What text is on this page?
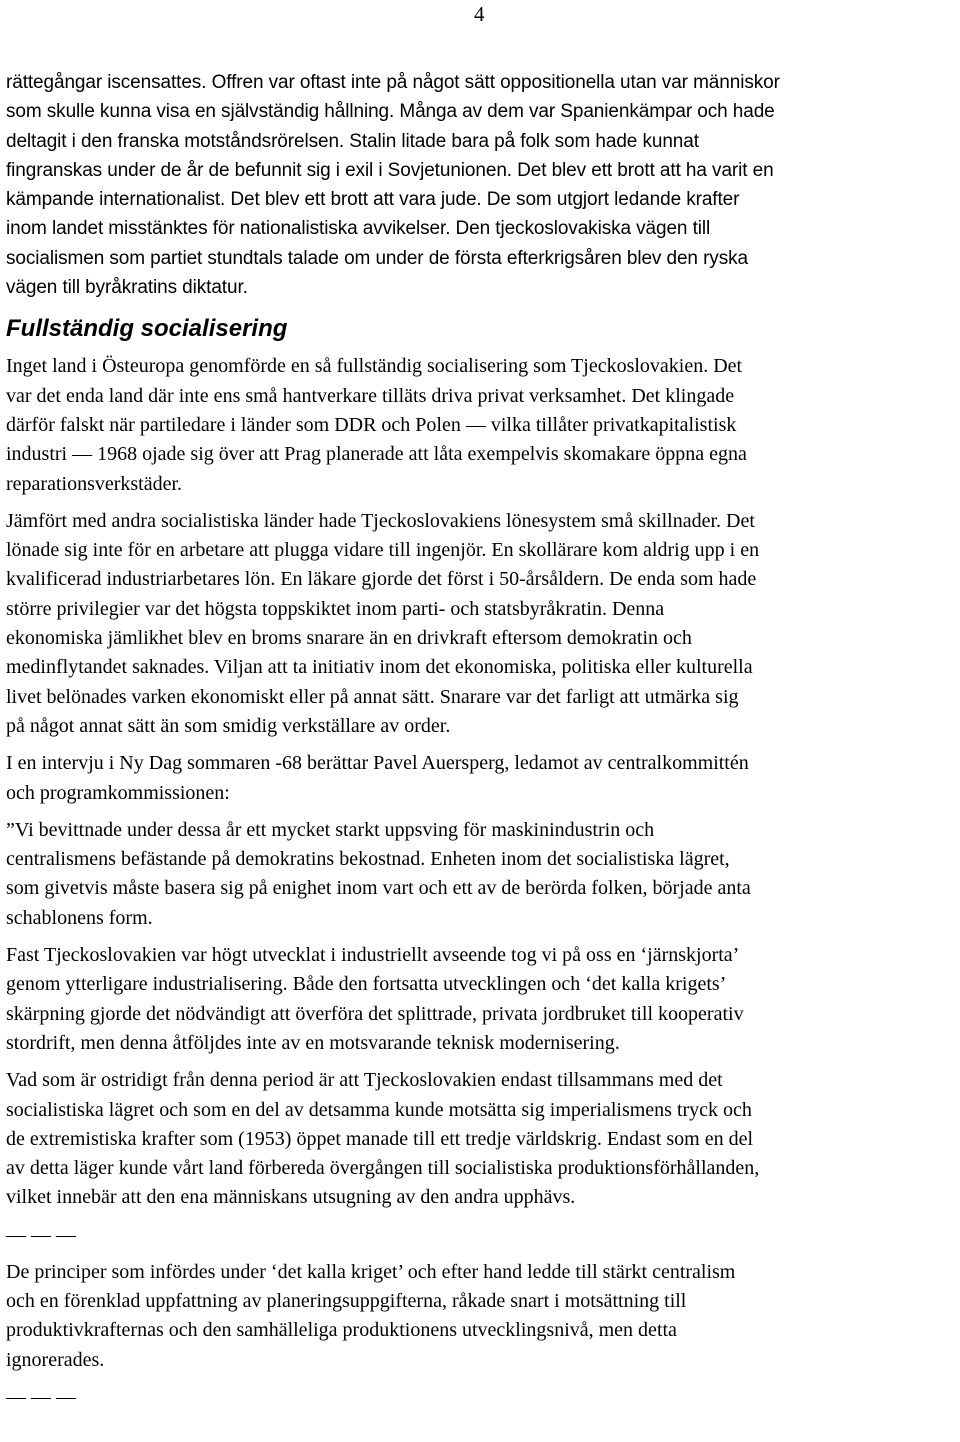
4
rättegångar iscensattes. Offren var oftast inte på något sätt oppositionella utan var människor
som skulle kunna visa en självständig hållning. Många av dem var Spanienkämpar och hade
deltagit i den franska motståndsrörelsen. Stalin litade bara på folk som hade kunnat
fingranskas under de år de befunnit sig i exil i Sovjetunionen. Det blev ett brott att ha varit en
kämpande internationalist. Det blev ett brott att vara jude. De som utgjort ledande krafter
inom landet misstänktes för nationalistiska avvikelser. Den tjeckoslovakiska vägen till
socialismen som partiet stundtals talade om under de första efterkrigsåren blev den ryska
vägen till byråkratins diktatur.
Fullständig socialisering
Inget land i Östeuropa genomförde en så fullständig socialisering som Tjeckoslovakien. Det
var det enda land där inte ens små hantverkare tilläts driva privat verksamhet. Det klingade
därför falskt när partiledare i länder som DDR och Polen — vilka tillåter privatkapitalistisk
industri — 1968 ojade sig över att Prag planerade att låta exempelvis skomakare öppna egna
reparationsverkstäder.
Jämfört med andra socialistiska länder hade Tjeckoslovakiens lönesystem små skillnader. Det
lönade sig inte för en arbetare att plugga vidare till ingenjör. En skollärare kom aldrig upp i en
kvalificerad industriarbetares lön. En läkare gjorde det först i 50-årsåldern. De enda som hade
större privilegier var det högsta toppskiktet inom parti- och statsbyråkratin. Denna
ekonomiska jämlikhet blev en broms snarare än en drivkraft eftersom demokratin och
medinflytandet saknades. Viljan att ta initiativ inom det ekonomiska, politiska eller kulturella
livet belönades varken ekonomiskt eller på annat sätt. Snarare var det farligt att utmärka sig
på något annat sätt än som smidig verkställare av order.
I en intervju i Ny Dag sommaren -68 berättar Pavel Auersperg, ledamot av centralkommittén
och programkommissionen:
”Vi bevittnade under dessa år ett mycket starkt uppsving för maskinindustrin och
centralismens befästande på demokratins bekostnad. Enheten inom det socialistiska lägret,
som givetvis måste basera sig på enighet inom vart och ett av de berörda folken, började anta
schablonens form.
Fast Tjeckoslovakien var högt utvecklat i industriellt avseende tog vi på oss en ‘järnskjorta’
genom ytterligare industrialisering. Både den fortsatta utvecklingen och ‘det kalla krigets’
skärpning gjorde det nödvändigt att överföra det splittrade, privata jordbruket till kooperativ
stordrift, men denna åtföljdes inte av en motsvarande teknisk modernisering.
Vad som är ostridigt från denna period är att Tjeckoslovakien endast tillsammans med det
socialistiska lägret och som en del av detsamma kunde motsätta sig imperialismens tryck och
de extremistiska krafter som (1953) öppet manade till ett tredje världskrig. Endast som en del
av detta läger kunde vårt land förbereda övergången till socialistiska produktionsförhållanden,
vilket innebär att den ena människans utsugning av den andra upphävs.
— — —
De principer som infördes under ‘det kalla kriget’ och efter hand ledde till stärkt centralism
och en förenklad uppfattning av planeringsuppgifterna, råkade snart i motsättning till
produktivkrafternas och den samhälleliga produktionens utvecklingsnivå, men detta
ignorerades.
— — —
